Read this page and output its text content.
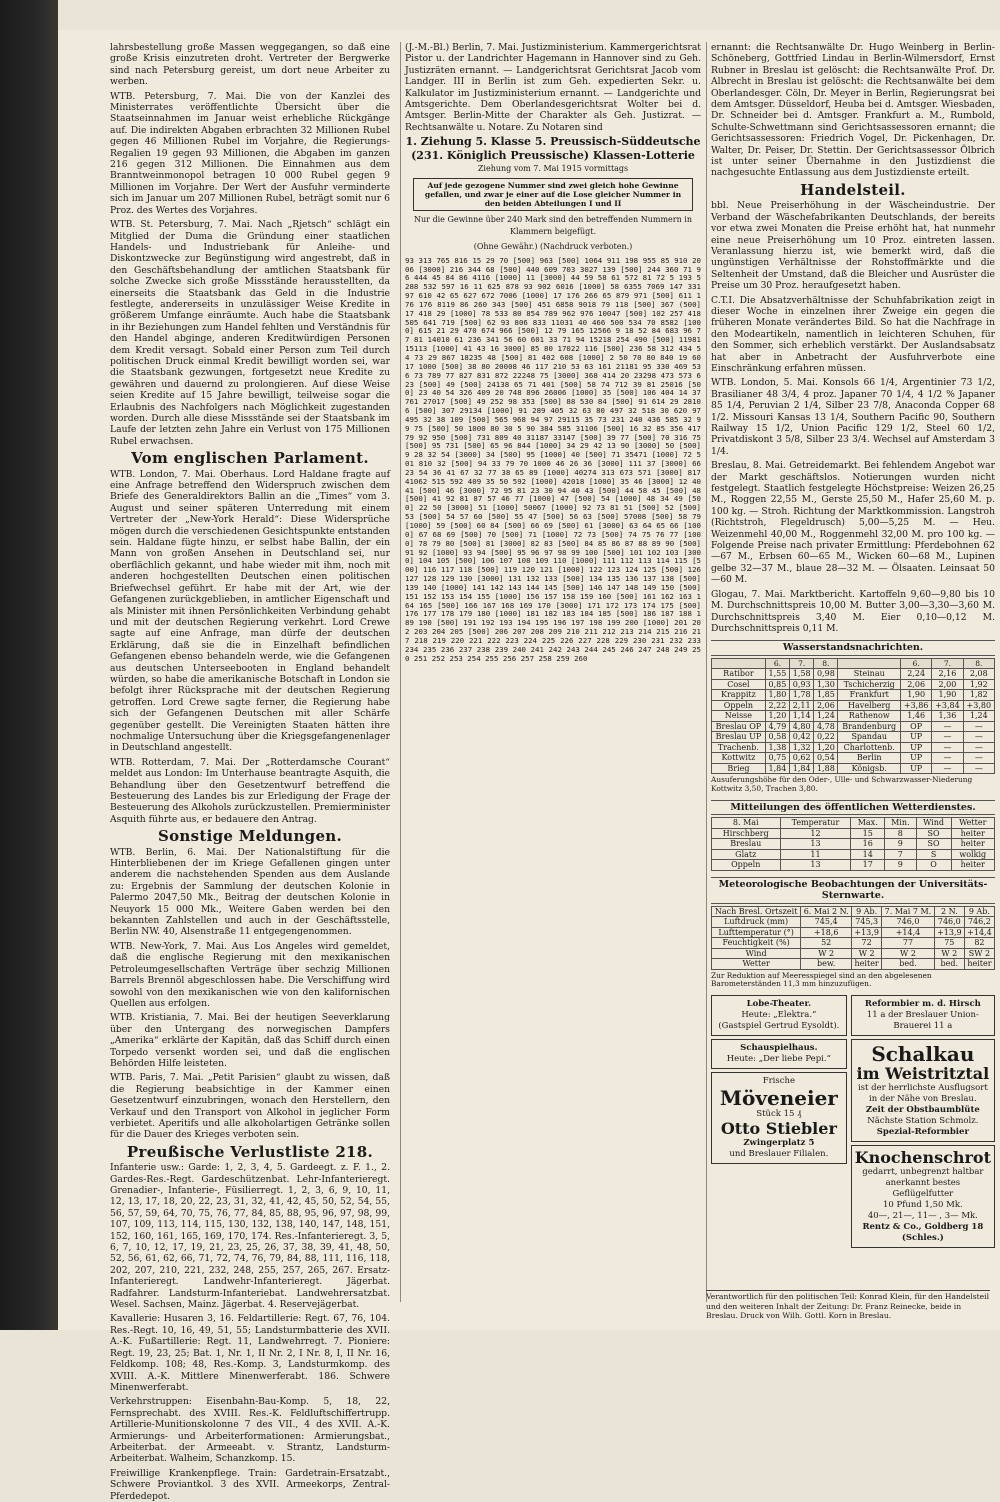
lahrsbestellung große Massen weggegangen, so daß eine große Krisis einzutreten droht. Vertreter der Bergwerke sind nach Petersburg gereist, um dort neue Arbeiter zu werben.

WTB. Petersburg, 7. Mai. Die von der Kanzlei des Ministerrates veröffentlichte Übersicht über die Staatseinnahmen im Januar weist erhebliche Rückgänge auf. Die indirekten Abgaben erbrachten 32 Millionen Rubel gegen 46 Millionen Rubel im Vorjahre, die Regierungs-Regalien 19 gegen 93 Millionen, die Abgaben im ganzen 216 gegen 312 Millionen. Die Einnahmen aus dem Branntweinmonopol betragen 10 000 Rubel gegen 9 Millionen im Vorjahre. Der Wert der Ausfuhr verminderte sich im Januar um 207 Millionen Rubel, beträgt somit nur 6 Proz. des Wertes des Vorjahres.

WTB. St. Petersburg, 7. Mai. Nach „Rjetsch“ schlägt ein Mitglied der Duma die Gründung einer staatlichen Handels- und Industriebank für Anleihe- und Diskontzwecke zur Begünstigung wird angestrebt, daß in den Geschäftsbehandlung der amtlichen Staatsbank für solche Zwecke sich große Missstände herausstellten, da einerseits die Staatsbank das Geld in die Industrie festlegte, andererseits in unzulässiger Weise Kredite in größerem Umfange einräumte. Auch habe die Staatsbank in ihr Beziehungen zum Handel fehlten und Verständnis für den Handel abginge, anderen Kreditwürdigen Personen dem Kredit versagt. Sobald einer Person zum Teil durch politischen Druck einmal Kredit bewilligt worden sei, war die Staatsbank gezwungen, fortgesetzt neue Kredite zu gewähren und dauernd zu prolongieren. Auf diese Weise seien Kredite auf 15 Jahre bewilligt, teilweise sogar die Erlaubnis des Nachfolgers nach Möglichkeit zugestanden worden. Durch alle diese Missstände sei der Staatsbank im Laufe der letzten zehn Jahre ein Verlust von 175 Millionen Rubel erwachsen.

Vom englischen Parlament.

WTB. London, 7. Mai. Oberhaus. Lord Haldane fragte auf eine Anfrage betreffend den Widerspruch zwischen dem Briefe des Generaldirektors Ballin an die „Times“ vom 3. August und seiner späteren Unterredung mit einem Vertreter der „New-York Herald“: Diese Widersprüche mögen durch die verschiedenen Gesichtspunkte entstanden sein. Haldane fügte hinzu, er selbst habe Ballin, der ein Mann von großen Ansehen in Deutschland sei, nur oberflächlich gekannt, und habe wieder mit ihm, noch mit anderen hochgestellten Deutschen einen politischen Briefwechsel geführt. Er habe mit der Art, wie der Gefangenen zurückgeblieben, in amtlicher Eigenschaft und als Minister mit ihnen Persönlichkeiten Verbindung gehabt und mit der deutschen Regierung verkehrt. Lord Crewe sagte auf eine Anfrage, man dürfe der deutschen Erklärung, daß sie die in Einzelhaft befindlichen Gefangenen ebenso behandeln werde, wie die Gefangenen aus deutschen Unterseebooten in England behandelt würden, so habe die amerikanische Botschaft in London sie befolgt ihrer Rücksprache mit der deutschen Regierung getroffen. Lord Crewe sagte ferner, die Regierung habe sich der Gefangenen Deutschen mit aller Schärfe gegenüber gestellt. Die Vereinigten Staaten hätten ihre nochmalige Untersuchung über die Kriegsgefangenenlager in Deutschland angestellt.

WTB. Rotterdam, 7. Mai. Der „Rotterdamsche Courant“ meldet aus London: Im Unterhause beantragte Asquith, die Behandlung über den Gesetzentwurf betreffend die Besteuerung des Landes bis zur Erledigung der Frage der Besteuerung des Alkohols zurückzustellen. Premierminister Asquith führte aus, er bedauere den Antrag.

Sonstige Meldungen.

WTB. Berlin, 6. Mai. Der Nationalstiftung für die Hinterbliebenen der im Kriege Gefallenen gingen unter anderem die nachstehenden Spenden aus dem Auslande zu: Ergebnis der Sammlung der deutschen Kolonie in Palermo 2047,50 Mk., Beitrag der deutschen Kolonie in Neuyork 15 000 Mk., Weitere Gaben werden bei den bekannten Zahlstellen und auch in der Geschäftsstelle, Berlin NW. 40, Alsenstraße 11 entgegengenommen.

WTB. New-York, 7. Mai. Aus Los Angeles wird gemeldet, daß die englische Regierung mit den mexikanischen Petroleumgesellschaften Verträge über sechzig Millionen Barrels Brennöl abgeschlossen habe. Die Verschiffung wird sowohl von den mexikanischen wie von den kalifornischen Quellen aus erfolgen.

WTB. Kristiania, 7. Mai. Bei der heutigen Seeverklarung über den Untergang des norwegischen Dampfers „Amerika“ erklärte der Kapitän, daß das Schiff durch einen Torpedo versenkt worden sei, und daß die englischen Behörden Hilfe leisteten.

WTB. Paris, 7. Mai. „Petit Parisien“ glaubt zu wissen, daß die Regierung beabsichtige in der Kammer einen Gesetzentwurf einzubringen, wonach den Herstellern, den Verkauf und den Transport von Alkohol in jeglicher Form verbietet. Aperitifs und alle alkoholartigen Getränke sollen für die Dauer des Krieges verboten sein.

Preußische Verlustliste 218.

Infanterie usw.: Garde: 1, 2, 3, 4, 5. Gardeegt. z. F. 1., 2. Gardes-Res.-Regt. Gardeschützenbat. Lehr-Infanterieregt. Grenadier-, Infanterie-, Füsilierregt. 1, 2, 3, 6, 9, 10, 11, 12, 13, 17, 18, 20, 22, 23, 31, 32, 41, 42, 45, 50, 52, 54, 55, 56, 57, 59, 64, 70, 75, 76, 77, 84, 85, 88, 95, 96, 97, 98, 99, 107, 109, 113, 114, 115, 130, 132, 138, 140, 147, 148, 151, 152, 160, 161, 165, 169, 170, 174. Res.-Infanterieregt. 3, 5, 6, 7, 10, 12, 17, 19, 21, 23, 25, 26, 37, 38, 39, 41, 48, 50, 52, 56, 61, 62, 66, 71, 72, 74, 76, 79, 84, 88, 111, 116, 118, 202, 207, 210, 221, 232, 248, 255, 257, 265, 267. Ersatz-Infanterieregt. Landwehr-Infanterieregt. Jägerbat. Radfahrer. Landsturm-Infanteriebat. Landwehrersatzbat. Wesel. Sachsen, Mainz. Jägerbat. 4. Reservejägerbat.

Kavallerie: Husaren 3, 16. Feldartillerie: Regt. 67, 76, 104. Res.-Regt. 10, 16, 49, 51, 55; Landsturmbatterie des XVII. A.-K. Fußartillerie: Regt. 11, Landwehrregt. 7. Pioniere: Regt. 19, 23, 25; Bat. 1, Nr. 1, II Nr. 2, I Nr. 8, I, II Nr. 16, Feldkomp. 108; 48, Res.-Komp. 3, Landsturmkomp. des XVIII. A.-K. Mittlere Minenwerferabt. 186. Schwere Minenwerferabt.

Verkehrstruppen: Eisenbahn-Bau-Komp. 5, 18, 22, Fernsprechabt. des XVIII. Res.-K. Feldluftschiffertrupp. Artillerie-Munitionskolonne 7 des VII., 4 des XVII. A.-K. Armierungs- und Arbeiterformationen: Armierungsbat., Arbeiterbat. der Armeeabt. v. Strantz, Landsturm-Arbeiterbat. Walheim, Schanzkomp. 15.

Freiwillige Krankenpflege. Train: Gardetrain-Ersatzabt., Schwere Proviantkol. 3 des XVII. Armeekorps, Zentral-Pferdedepot.

(J.-M.-Bl.) Berlin, 7. Mai. Justizministerium. Kammergerichtsrat Pistor u. der Landrichter Hagemann in Hannover sind zu Geh. Justizräten ernannt. — Landgerichtsrat Gerichtsrat Jacob vom Landger. III in Berlin ist zum Geh. expedierten Sekr. u. Kalkulator im Justizministerium ernannt. — Landgerichte und Amtsgerichte. Dem Oberlandesgerichtsrat Wolter bei d. Amtsger. Berlin-Mitte der Charakter als Geh. Justizrat. — Rechtsanwälte u. Notare. Zu Notaren sind

1. Ziehung 5. Klasse 5. Preussisch-Süddeutsche
(231. Königlich Preussische) Klassen-Lotterie
Ziehung vom 7. Mai 1915 vormittags
Auf jede gezogene Nummer sind zwei gleich hohe Gewinne gefallen, und zwar je einer auf die Lose gleicher Nummer in den beiden Abteilungen I und II
Nur die Gewinne über 240 Mark sind den betreffenden Nummern in Klammern beigefügt.
(Ohne Gewähr.) (Nachdruck verboten.)
93 313 765 816 15 29 70 [500] 963 [500] 1064 911 198 955 85 910 2006 [3000] 216 344 68 [500] 440 609 703 3027 139 [500] 244 360 71 96 444 45 84 86 4116 [1000] 11 [3000] 44 59 58 61 572 81 72 5 193 5288 532 597 16 11 625 878 93 902 6016 [1000] 58 6355 7069 147 331 97 610 42 65 627 672 7006 [1000] 17 176 266 65 879 971 [500] 611 176 176 8119 86 260 343 [500] 451 6858 9018 79 118 [500] 367 (500] 17 418 29 [1000] 78 533 80 854 789 962 976 10047 [500] 102 257 418 505 641 719 [500] 62 93 806 833 11031 40 466 500 534 70 8582 [1000] 615 21 29 470 674 966 [500] 12 79 165 12566 9 18 52 84 683 96 77 81 14010 61 236 341 56 60 601 33 71 94 15218 254 490 [500] 11981 15113 [1000] 41 43 16 3000] 85 80 17022 116 [500] 236 58 312 434 54 73 29 867 18235 48 [500] 81 402 608 [1000] 2 50 70 80 840 19 60 17 1000 [500] 38 80 20008 46 117 210 53 63 161 21181 95 330 469 536 73 789 77 827 831 872 22248 75 [3000] 368 414 20 23298 473 573 623 [500] 49 [500] 24138 65 71 401 [500] 58 74 712 39 81 25016 [500] 23 40 54 326 409 20 748 896 26006 [1000] 35 [500] 106 404 14 37 761 27017 [500] 49 252 98 353 [500] 88 530 84 [500] 91 614 29 28106 [500] 307 29134 [1000] 91 289 405 32 63 80 497 32 518 30 620 97 495 32 38 109 [500] 565 968 94 97 29115 35 73 231 240 436 585 32 99 75 [500] 50 1000 80 30 5 90 384 585 31106 [500] 16 32 85 356 417 79 92 950 [500] 731 809 40 31187 33147 [500] 39 77 [500] 70 316 75 [500] 95 731 [500] 65 96 844 [1000] 34 29 42 13 90 [3000] 50 [500] 9 28 32 54 [3000] 34 [500] 95 [1000] 40 [500] 71 35471 [1000] 72 501 810 32 [500] 94 33 79 70 1000 46 26 36 [3000] 111 37 [3000] 66 23 54 36 41 67 32 77 38 65 89 [1000] 40274 313 673 571 [3000] 817 41062 515 592 409 35 50 592 [1000] 42018 [1000] 35 46 [3000] 12 40 41 [500] 46 [3000] 72 95 81 23 30 94 40 43 [500] 44 58 45 [500] 48 [500] 41 92 81 87 57 46 77 [1000] 47 [500] 54 [1000] 48 34 49 [500] 22 50 [3000] 51 [1000] 50067 [1000] 92 73 81 51 [500] 52 [500] 53 [500] 54 57 60 [500] 55 47 [500] 56 63 [500] 57008 [500] 58 79 [1000] 59 [500] 60 84 [500] 66 69 [500] 61 [3000] 63 64 65 66 [1000] 67 68 69 [500] 70 [500] 71 [1000] 72 73 [500] 74 75 76 77 [1000] 78 79 80 [500] 81 [3000] 82 83 [500] 84 85 86 87 88 89 90 [500] 91 92 [1000] 93 94 [500] 95 96 97 98 99 100 [500] 101 102 103 [3000] 104 105 [500] 106 107 108 109 110 [1000] 111 112 113 114 115 [500] 116 117 118 [500] 119 120 121 [1000] 122 123 124 125 [500] 126 127 128 129 130 [3000] 131 132 133 [500] 134 135 136 137 138 [500] 139 140 [1000] 141 142 143 144 145 [500] 146 147 148 149 150 [500] 151 152 153 154 155 [1000] 156 157 158 159 160 [500] 161 162 163 164 165 [500] 166 167 168 169 170 [3000] 171 172 173 174 175 [500] 176 177 178 179 180 [1000] 181 182 183 184 185 [500] 186 187 188 189 190 [500] 191 192 193 194 195 196 197 198 199 200 [1000] 201 202 203 204 205 [500] 206 207 208 209 210 211 212 213 214 215 216 217 218 219 220 221 222 223 224 225 226 227 228 229 230 231 232 233 234 235 236 237 238 239 240 241 242 243 244 245 246 247 248 249 250 251 252 253 254 255 256 257 258 259 260

ernannt: die Rechtsanwälte Dr. Hugo Weinberg in Berlin-Schöneberg, Gottfried Lindau in Berlin-Wilmersdorf, Ernst Rubner in Breslau ist gelöscht: die Rechtsanwälte Prof. Dr. Albrecht in Breslau ist gelöscht: die Rechtsanwälte bei dem Oberlandesger. Cöln, Dr. Meyer in Berlin, Regierungsrat bei dem Amtsger. Düsseldorf, Heuba bei d. Amtsger. Wiesbaden, Dr. Schneider bei d. Amtsger. Frankfurt a. M., Rumbold, Schulte-Schwettmann sind Gerichtsassessoren ernannt; die Gerichtsassessoren: Friedrich Vogel, Dr. Pickenhagen, Dr. Walter, Dr. Peiser, Dr. Stettin. Der Gerichtsassessor Ölbrich ist unter seiner Übernahme in den Justizdienst die nachgesuchte Entlassung aus dem Justizdienste erteilt.

Handelsteil.

bbl. Neue Preiserhöhung in der Wäscheindustrie. Der Verband der Wäschefabrikanten Deutschlands, der bereits vor etwa zwei Monaten die Preise erhöht hat, hat nunmehr eine neue Preiserhöhung um 10 Proz. eintreten lassen. Veranlassung hierzu ist, wie bemerkt wird, daß die ungünstigen Verhältnisse der Rohstoffmärkte und die Seltenheit der Umstand, daß die Bleicher und Ausrüster die Preise um 30 Proz. heraufgesetzt haben.

C.T.I. Die Absatzverhältnisse der Schuhfabrikation zeigt in dieser Woche in einzelnen ihrer Zweige ein gegen die früheren Monate verändertes Bild. So hat die Nachfrage in den Modeartikeln, namentlich in leichteren Schuhen, für den Sommer, sich erheblich verstärkt. Der Auslandsabsatz hat aber in Anbetracht der Ausfuhrverbote eine Einschränkung erfahren müssen.

WTB. London, 5. Mai. Konsols 66 1/4, Argentinier 73 1/2, Brasilianer 48 3/4, 4 proz. Japaner 70 1/4, 4 1/2 % Japaner 85 1/4, Peruvian 2 1/4, Silber 23 7/8, Anaconda Copper 68 1/2. Missouri Kansas 13 1/4, Southern Pacific 90, Southern Railway 15 1/2, Union Pacific 129 1/2, Steel 60 1/2, Privatdiskont 3 5/8, Silber 23 3/4. Wechsel auf Amsterdam 3 1/4.

Breslau, 8. Mai. Getreidemarkt. Bei fehlendem Angebot war der Markt geschäftslos. Notierungen wurden nicht festgelegt. Staatlich festgelegte Höchstpreise: Weizen 26,25 M., Roggen 22,55 M., Gerste 25,50 M., Hafer 25,60 M. p. 100 kg. — Stroh. Richtung der Marktkommission. Langstroh (Richtstroh, Flegeldrusch) 5,00—5,25 M. — Heu. Weizenmehl 40,00 M., Roggenmehl 32,00 M. pro 100 kg. — Folgende Preise nach privater Ermittlung: Pferdebohnen 62—67 M., Erbsen 60—65 M., Wicken 60—68 M., Lupinen gelbe 32—37 M., blaue 28—32 M. — Ölsaaten. Leinsaat 50—60 M.

Glogau, 7. Mai. Marktbericht. Kartoffeln 9,60—9,80 bis 10 M. Durchschnittspreis 10,00 M. Butter 3,00—3,30—3,60 M. Durchschnittspreis 3,40 M. Eier 0,10—0,12 M. Durchschnittspreis 0,11 M.

Wasserstandsnachrichten.
	6.	7.	8.		6.	7.	8.
Ratibor	1,55	1,58	0,98	Steinau	2,24	2,16	2,08
Cosel	0,85	0,93	1,30	Tschicherzig	2,06	2,00	1,92
Krappitz	1,80	1,78	1,85	Frankfurt	1,90	1,90	1,82
Oppeln	2,22	2,11	2,06	Havelberg	+3,86	+3,84	+3,80
Neisse	1,20	1,14	1,24	Rathenow	1,46	1,36	1,24
Breslau OP	4,79	4,80	4,78	Brandenburg	OP	—	—
Breslau UP	0,58	0,42	0,22	Spandau	UP	—	—
Trachenb.	1,38	1,32	1,20	Charlottenb.	UP	—	—
Kottwitz	0,75	0,62	0,54	Berlin	UP	—	—
Brieg	1,84	1,84	1,88	Königsb.	UP	—	—
Ausuferungshöhe für den Oder-, Ulle- und Schwarzwasser-Niederung Kottwitz 3,50, Trachen 3,80.
Mitteilungen des öffentlichen Wetterdienstes.
8. Mai	Temperatur	Max.	Min.	Wind	Wetter
Hirschberg	12	15	8	SO	heiter
Breslau	13	16	9	SO	heiter
Glatz	11	14	7	S	wolkig
Oppeln	13	17	9	O	heiter
Meteorologische Beobachtungen der Universitäts-Sternwarte.
Nach Bresl. Ortszeit	6. Mai 2 N.	9 Ab.	7. Mai 7 M.	2 N.	9 Ab.
Luftdruck (mm)	745,4	745,3	746,0	746,0	746,2
Lufttemperatur (°)	+18,6	+13,9	+14,4	+13,9	+14,4
Feuchtigkeit (%)	52	72	77	75	82
Wind	W 2	W 2	W 2	W 2	SW 2
Wetter	bew.	heiter	bed.	bed.	heiter
Zur Reduktion auf Meeresspiegel sind an den abgelesenen Barometerständen 11,3 mm hinzuzufügen.
Lobe-Theater.
Heute: „Elektra.“
(Gastspiel Gertrud Eysoldt).
Schauspielhaus.
Heute: „Der liebe Pepi.“
Frische
Möveneier
Stück 15 ₰
Otto Stiebler
Zwingerplatz 5
und Breslauer Filialen.
Reformbier m. d. Hirsch
11 a der Breslauer Union-Brauerei 11 a
Schalkau
im Weistritztal
ist der herrlichste Ausflugsort in der Nähe von Breslau.
Zeit der Obstbaumblüte
Nächste Station Schmolz.
Spezial-Reformbier
Knochenschrot
gedarrt, unbegrenzt haltbar anerkannt bestes Geflügelfutter
10 Pfund 1,50 Mk.
40—, 21—, 11— , 3— Mk.
Rentz & Co., Goldberg 18 (Schles.)
Verantwortlich für den politischen Teil: Konrad Klein, für den Handelsteil und den weiteren Inhalt der Zeitung: Dr. Franz Reinecke, beide in Breslau. Druck von Wilh. Gottl. Korn in Breslau.
